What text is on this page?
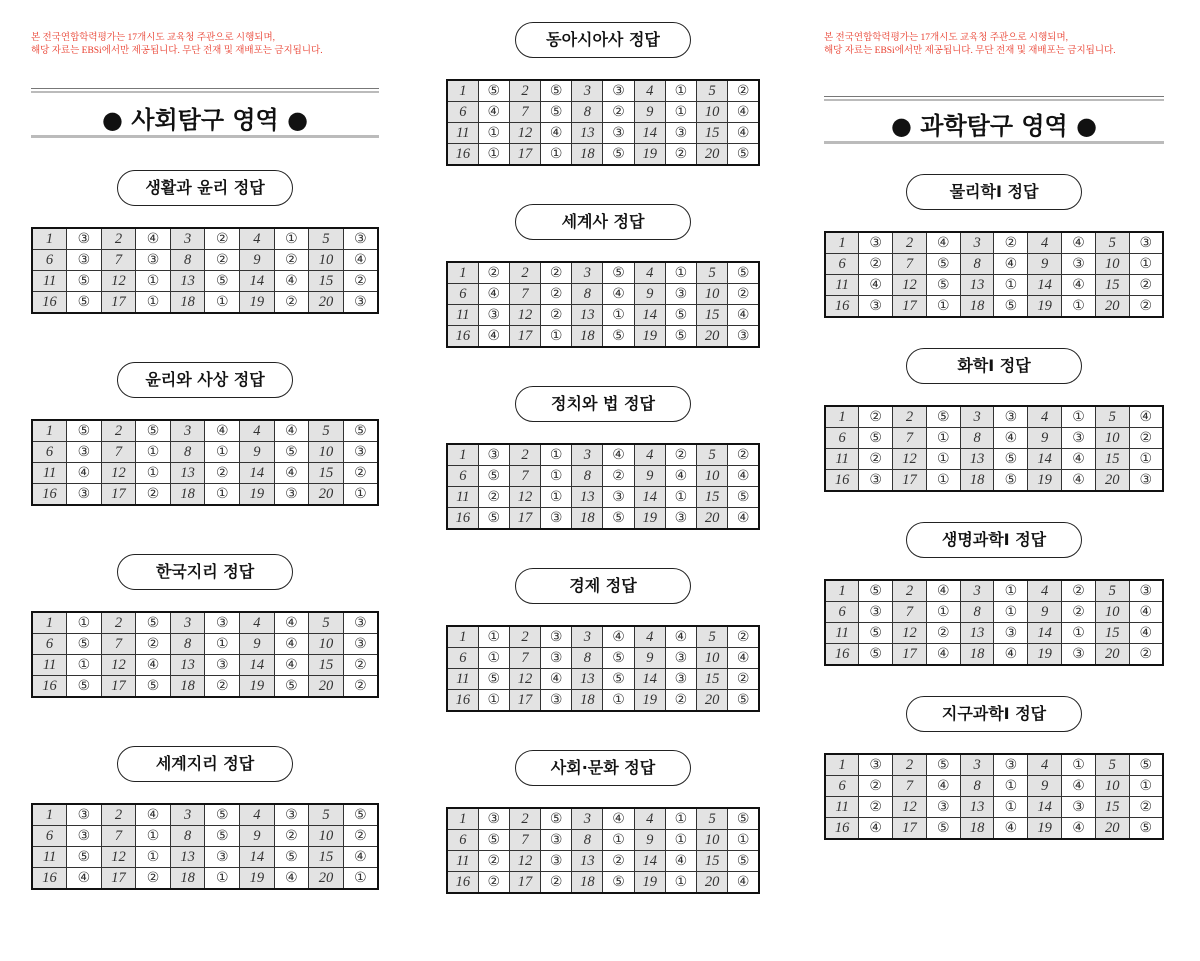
본 전국연합학력평가는 17개시도 교육청 주관으로 시행되며,
해당 자료는 EBSi에서만 제공됩니다. 무단 전재 및 재배포는 금지됩니다.
● 사회탐구 영역 ●
생활과 윤리 정답
1	③	2	④	3	②	4	①	5	③
6	③	7	③	8	②	9	②	10	④
11	⑤	12	①	13	⑤	14	④	15	②
16	⑤	17	①	18	①	19	②	20	③
윤리와 사상 정답
1	⑤	2	⑤	3	④	4	④	5	⑤
6	③	7	①	8	①	9	⑤	10	③
11	④	12	①	13	②	14	④	15	②
16	③	17	②	18	①	19	③	20	①
한국지리 정답
1	①	2	⑤	3	③	4	④	5	③
6	⑤	7	②	8	①	9	④	10	③
11	①	12	④	13	③	14	④	15	②
16	⑤	17	⑤	18	②	19	⑤	20	②
세계지리 정답
1	③	2	④	3	⑤	4	③	5	⑤
6	③	7	①	8	⑤	9	②	10	②
11	⑤	12	①	13	③	14	⑤	15	④
16	④	17	②	18	①	19	④	20	①
동아시아사 정답
1	⑤	2	⑤	3	③	4	①	5	②
6	④	7	⑤	8	②	9	①	10	④
11	①	12	④	13	③	14	③	15	④
16	①	17	①	18	⑤	19	②	20	⑤
세계사 정답
1	②	2	②	3	⑤	4	①	5	⑤
6	④	7	②	8	④	9	③	10	②
11	③	12	②	13	①	14	⑤	15	④
16	④	17	①	18	⑤	19	⑤	20	③
정치와 법 정답
1	③	2	①	3	④	4	②	5	②
6	⑤	7	①	8	②	9	④	10	④
11	②	12	①	13	③	14	①	15	⑤
16	⑤	17	③	18	⑤	19	③	20	④
경제 정답
1	①	2	③	3	④	4	④	5	②
6	①	7	③	8	⑤	9	③	10	④
11	⑤	12	④	13	⑤	14	③	15	②
16	①	17	③	18	①	19	②	20	⑤
사회·문화 정답
1	③	2	⑤	3	④	4	①	5	⑤
6	⑤	7	③	8	①	9	①	10	①
11	②	12	③	13	②	14	④	15	⑤
16	②	17	②	18	⑤	19	①	20	④
본 전국연합학력평가는 17개시도 교육청 주관으로 시행되며,
해당 자료는 EBSi에서만 제공됩니다. 무단 전재 및 재배포는 금지됩니다.
● 과학탐구 영역 ●
물리학Ⅰ 정답
1	③	2	④	3	②	4	④	5	③
6	②	7	⑤	8	④	9	③	10	①
11	④	12	⑤	13	①	14	④	15	②
16	③	17	①	18	⑤	19	①	20	②
화학Ⅰ 정답
1	②	2	⑤	3	③	4	①	5	④
6	⑤	7	①	8	④	9	③	10	②
11	②	12	①	13	⑤	14	④	15	①
16	③	17	①	18	⑤	19	④	20	③
생명과학Ⅰ 정답
1	⑤	2	④	3	①	4	②	5	③
6	③	7	①	8	①	9	②	10	④
11	⑤	12	②	13	③	14	①	15	④
16	⑤	17	④	18	④	19	③	20	②
지구과학Ⅰ 정답
1	③	2	⑤	3	③	4	①	5	⑤
6	②	7	④	8	①	9	④	10	①
11	②	12	③	13	①	14	③	15	②
16	④	17	⑤	18	④	19	④	20	⑤
